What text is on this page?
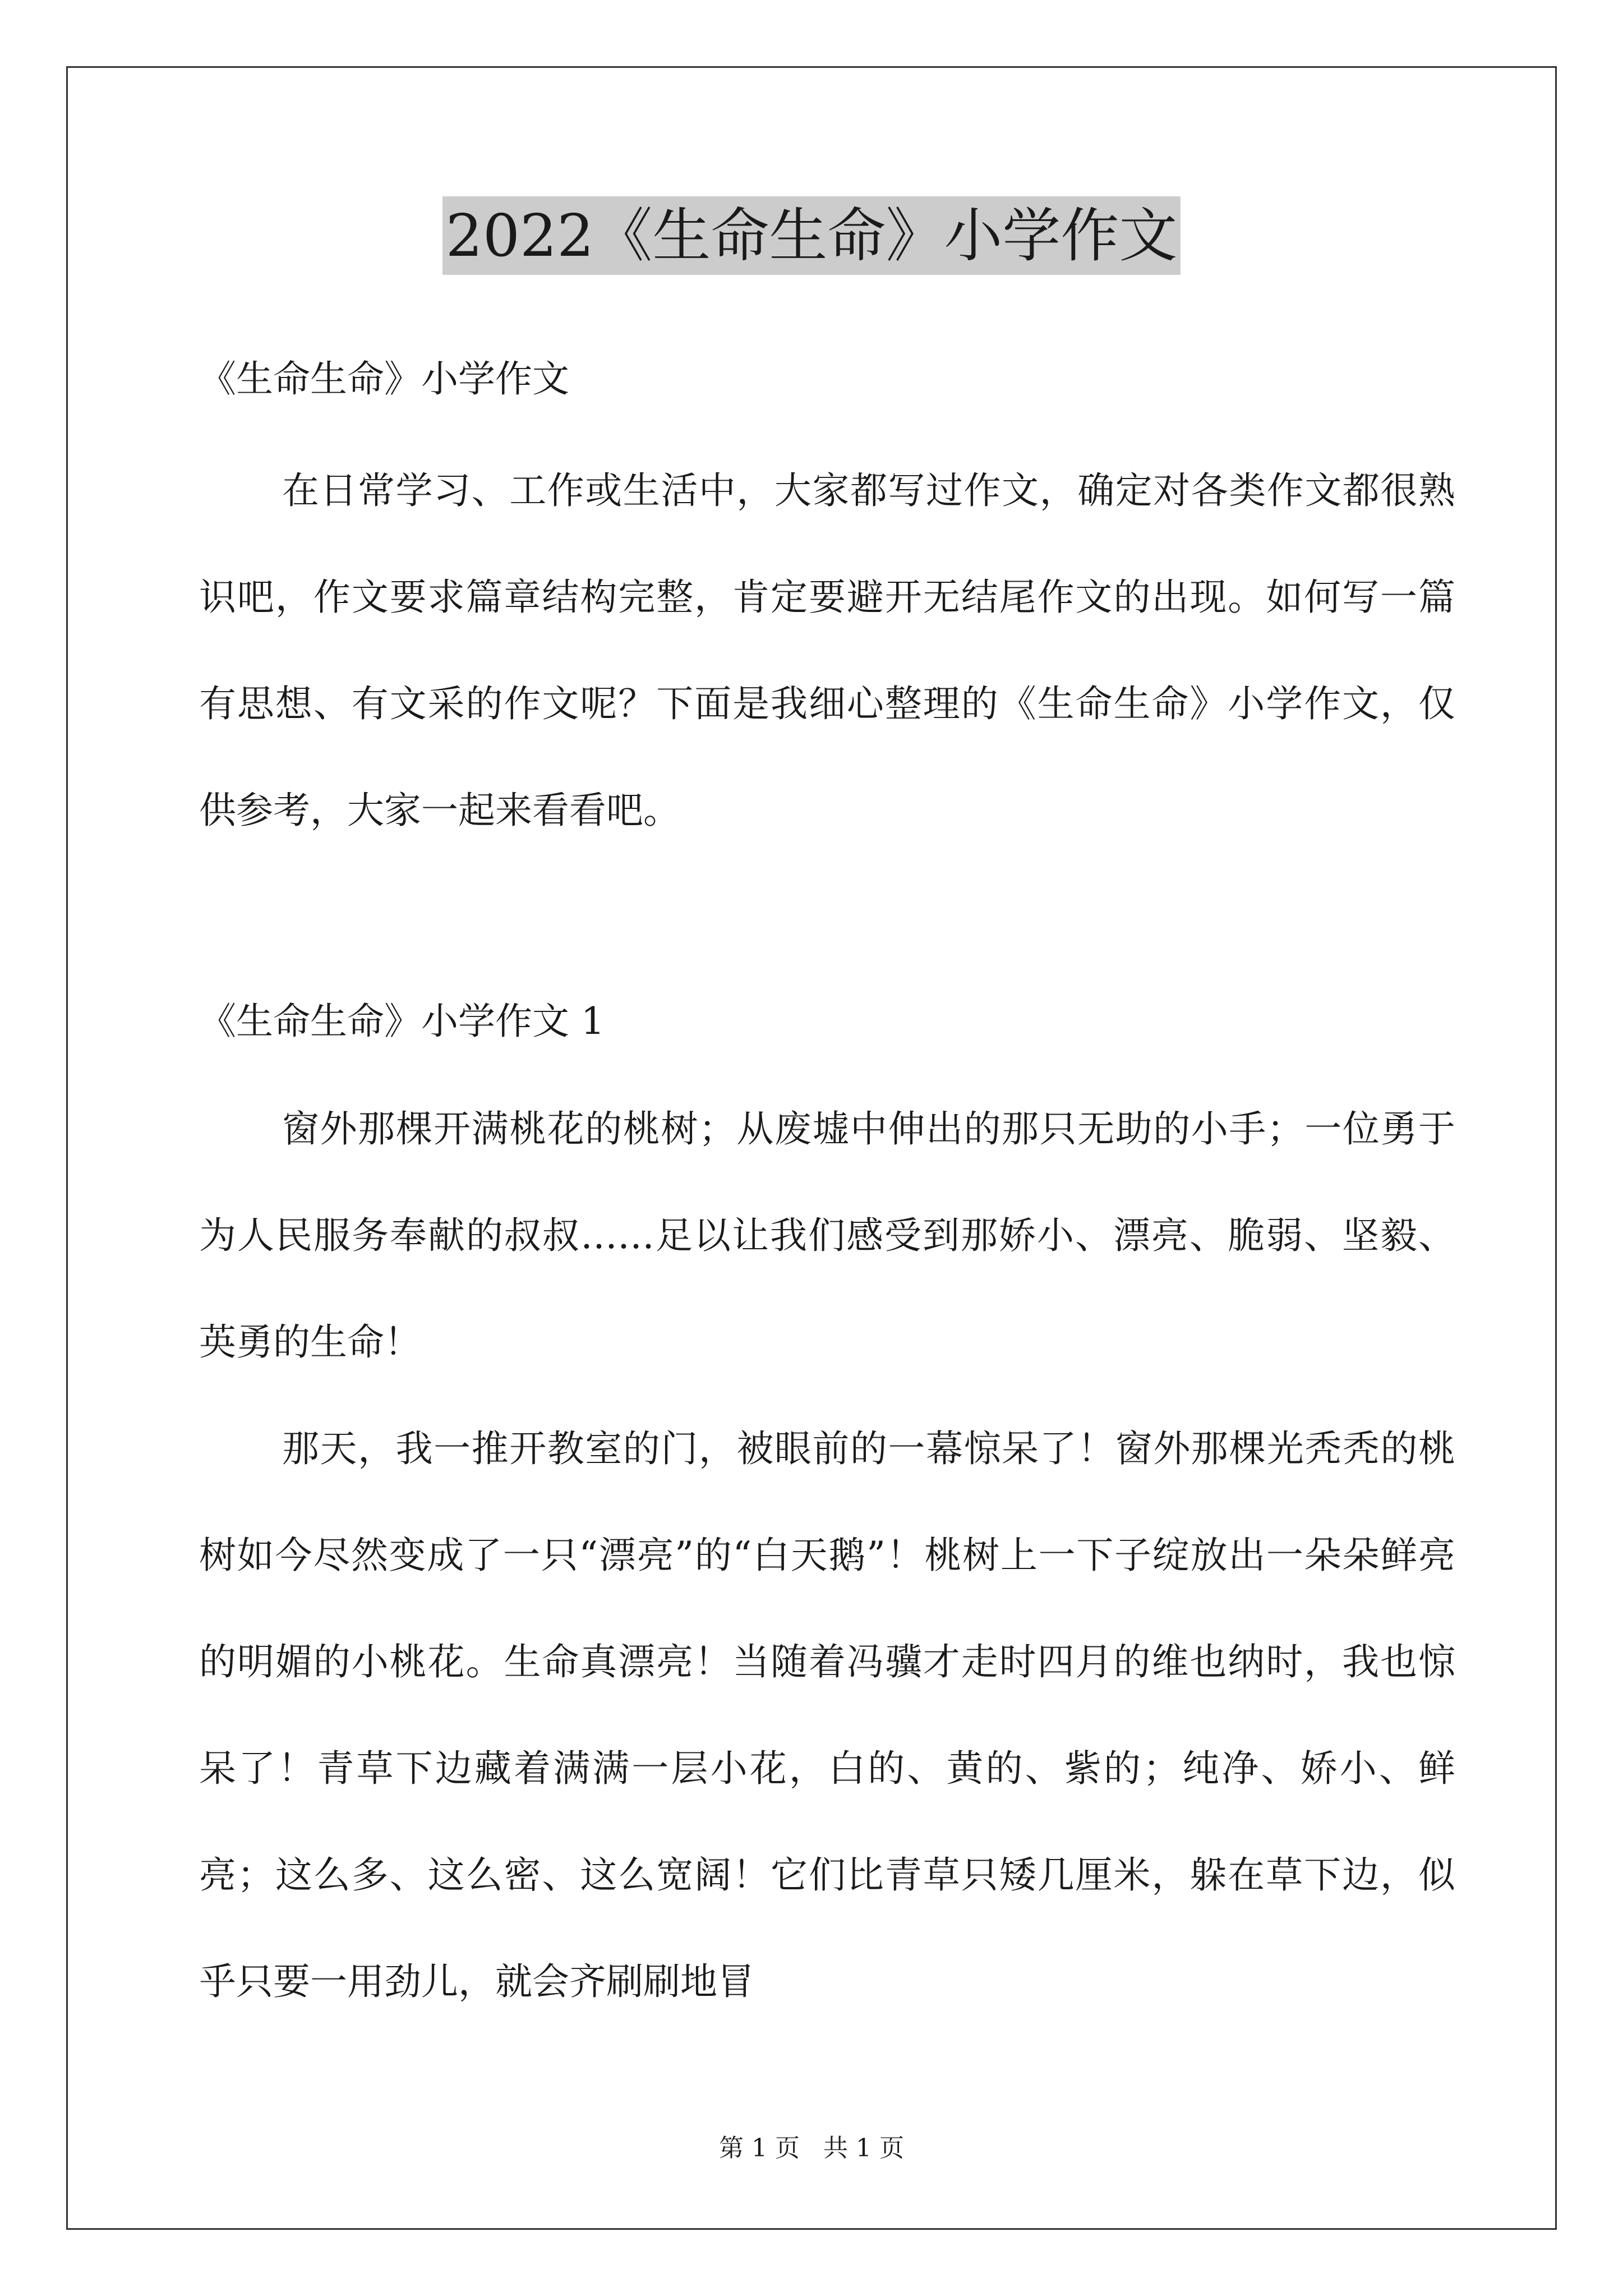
2022《生命生命》小学作文

《生命生命》小学作文

在日常学习、工作或生活中，大家都写过作文，确定对各类作文都很熟识吧，作文要求篇章结构完整，肯定要避开无结尾作文的出现。如何写一篇有思想、有文采的作文呢？下面是我细心整理的《生命生命》小学作文，仅供参考，大家一起来看看吧。

《生命生命》小学作文 1

窗外那棵开满桃花的桃树；从废墟中伸出的那只无助的小手；一位勇于为人民服务奉献的叔叔……足以让我们感受到那娇小、漂亮、脆弱、坚毅、英勇的生命！

那天，我一推开教室的门，被眼前的一幕惊呆了！窗外那棵光秃秃的桃树如今尽然变成了一只“漂亮”的“白天鹅”！桃树上一下子绽放出一朵朵鲜亮的明媚的小桃花。生命真漂亮！当随着冯骥才走时四月的维也纳时，我也惊呆了！青草下边藏着满满一层小花，白的、黄的、紫的；纯净、娇小、鲜亮；这么多、这么密、这么宽阔！它们比青草只矮几厘米，躲在草下边，似乎只要一用劲儿，就会齐刷刷地冒

第 1 页 共 1 页
